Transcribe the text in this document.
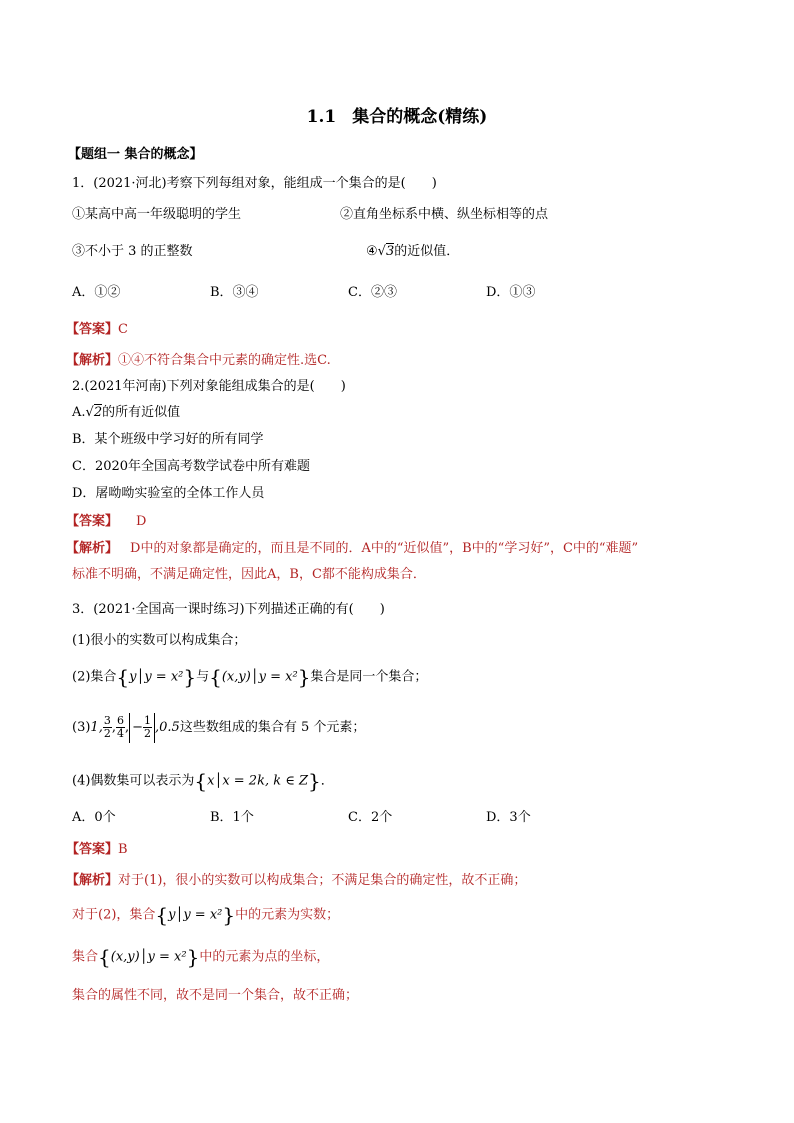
1.1 集合的概念(精练)
【题组一 集合的概念】
1．(2021·河北)考察下列每组对象，能组成一个集合的是(　　)
①某高中高一年级聪明的学生	②直角坐标系中横、纵坐标相等的点
③不小于 3 的正整数	④√3的近似值．
A．①②	B．③④	C．②③	D．①③
【答案】C
【解析】①④不符合集合中元素的确定性.选C.
2.(2021年河南)下列对象能组成集合的是(　　)
A.√2的所有近似值
B．某个班级中学习好的所有同学
C．2020年全国高考数学试卷中所有难题
D．屠呦呦实验室的全体工作人员
【答案】 D
【解析】 D中的对象都是确定的，而且是不同的．A中的“近似值”，B中的“学习好”，C中的“难题”
标准不明确，不满足确定性，因此A，B，C都不能构成集合．
3．(2021·全国高一课时练习)下列描述正确的有(　　)
(1)很小的实数可以构成集合；
(2)集合{y│y = x²}与{(x,y)│y = x²}集合是同一个集合；
(3)1, $\frac{3}{2}$ , $\frac{6}{4}$ , − $\frac{1}{2} ,0.5$这些数组成的集合有 5 个元素；
(4)偶数集可以表示为{x│x = 2k, k ∈ Z}．
A．0个	B．1个	C．2个	D．3个
【答案】B
【解析】对于(1)，很小的实数可以构成集合；不满足集合的确定性，故不正确；
对于(2)，集合{y│y = x²}中的元素为实数；
集合{(x,y)│y = x²}中的元素为点的坐标，
集合的属性不同，故不是同一个集合，故不正确；
